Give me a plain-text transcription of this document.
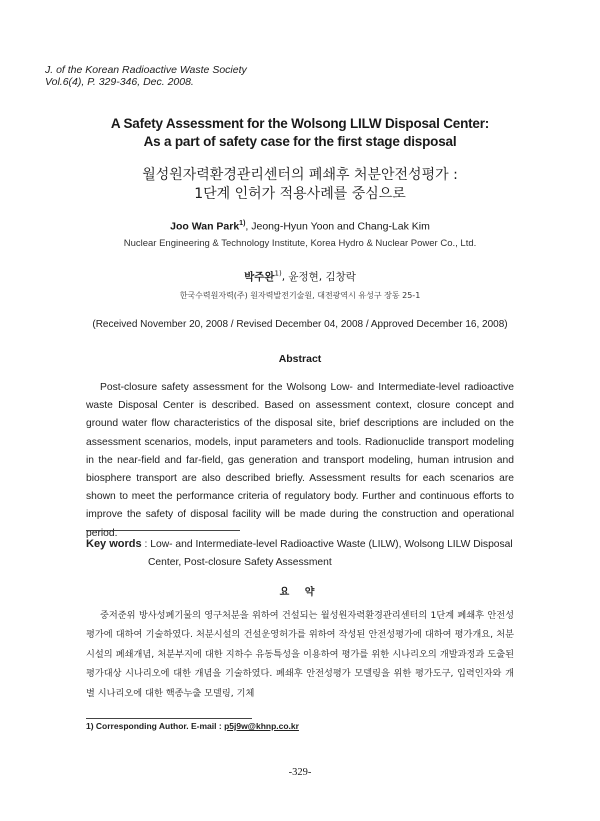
J. of the Korean Radioactive Waste Society
Vol.6(4), P. 329-346, Dec. 2008.
A Safety Assessment for the Wolsong LILW Disposal Center:
As a part of safety case for the first stage disposal
월성원자력환경관리센터의 폐쇄후 처분안전성평가 :
1단계 인허가 적용사례를 중심으로
Joo Wan Park$^{1)}$, Jeong-Hyun Yoon and Chang-Lak Kim
Nuclear Engineering & Technology Institute, Korea Hydro & Nuclear Power Co., Ltd.
박주완$^{1)}$, 윤정현, 김창락
한국수력원자력(주) 원자력발전기술원, 대전광역시 유성구 장동 25-1
(Received November 20, 2008 / Revised December 04, 2008 / Approved December 16, 2008)
Abstract

Post-closure safety assessment for the Wolsong Low- and Intermediate-level radioactive waste Disposal Center is described. Based on assessment context, closure concept and ground water flow characteristics of the disposal site, brief descriptions are included on the assessment scenarios, models, input parameters and tools. Radionuclide transport modeling in the near-field and far-field, gas generation and transport modeling, human intrusion and biosphere transport are also described briefly. Assessment results for each scenarios are shown to meet the performance criteria of regulatory body. Further and continuous efforts to improve the safety of disposal facility will be made during the construction and operational period.

Key words : Low- and Intermediate-level Radioactive Waste (LILW), Wolsong LILW Disposal
Center, Post-closure Safety Assessment
요 약

중저준위 방사성폐기물의 영구처분을 위하여 건설되는 월성원자력환경관리센터의 1단계 폐쇄후 안전성평가에 대하여 기술하였다. 처분시설의 건설운영허가를 위하여 작성된 안전성평가에 대하여 평가개요, 처분시설의 폐쇄개념, 처분부지에 대한 지하수 유동특성을 이용하여 평가를 위한 시나리오의 개발과정과 도출된 평가대상 시나리오에 대한 개념을 기술하였다. 폐쇄후 안전성평가 모델링을 위한 평가도구, 입력인자와 개별 시나리오에 대한 핵종누출 모델링, 기체

1) Corresponding Author. E-mail : p5j9w@khnp.co.kr
-329-
